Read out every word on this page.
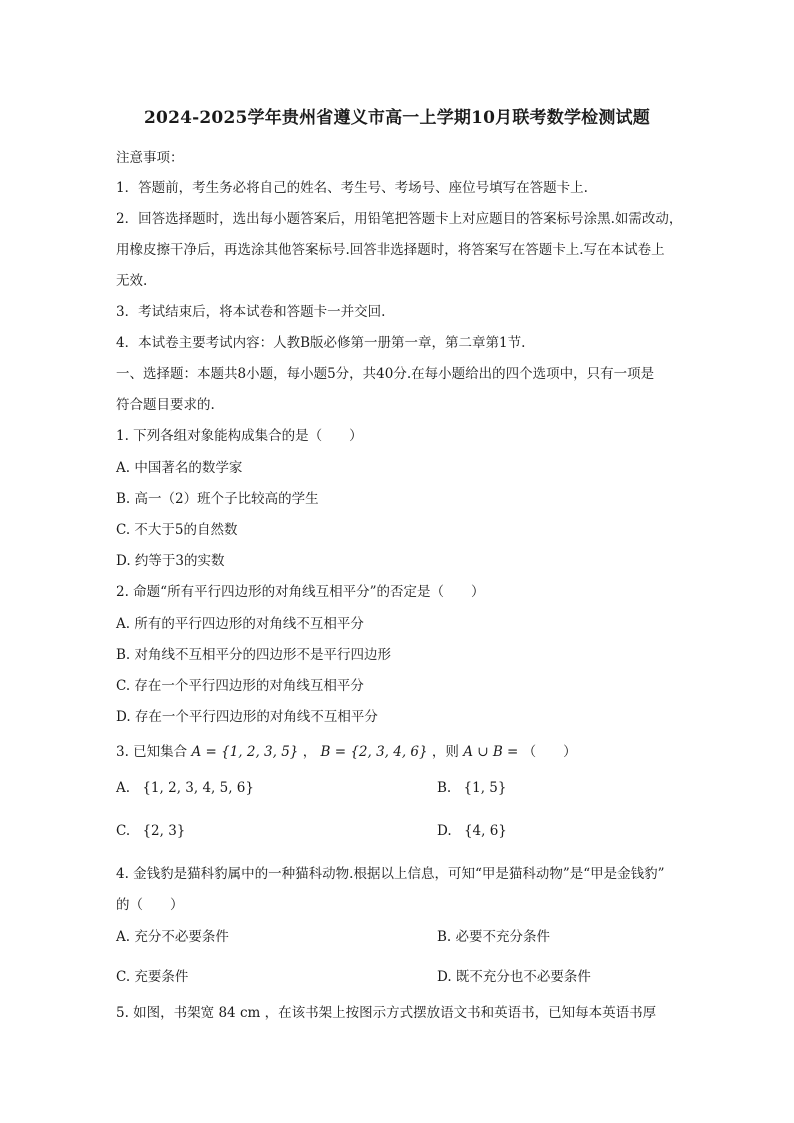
2024-2025学年贵州省遵义市高一上学期10月联考数学检测试题
注意事项：
1．答题前，考生务必将自己的姓名、考生号、考场号、座位号填写在答题卡上.
2．回答选择题时，选出每小题答案后，用铅笔把答题卡上对应题目的答案标号涂黑.如需改动，
用橡皮擦干净后，再选涂其他答案标号.回答非选择题时，将答案写在答题卡上.写在本试卷上
无效.
3．考试结束后，将本试卷和答题卡一并交回.
4．本试卷主要考试内容：人教B版必修第一册第一章，第二章第1节.
一、选择题：本题共8小题，每小题5分，共40分.在每小题给出的四个选项中，只有一项是
符合题目要求的.
1. 下列各组对象能构成集合的是（　　）
A. 中国著名的数学家
B. 高一（2）班个子比较高的学生
C. 不大于5的自然数
D. 约等于3的实数
2. 命题“所有平行四边形的对角线互相平分”的否定是（　　）
A. 所有的平行四边形的对角线不互相平分
B. 对角线不互相平分的四边形不是平行四边形
C. 存在一个平行四边形的对角线互相平分
D. 存在一个平行四边形的对角线不互相平分
3. 已知集合 A = {1, 2, 3, 5} ， B = {2, 3, 4, 6} ，则 A ∪ B = （　　）
A. {1, 2, 3, 4, 5, 6}	B. {1, 5}
C. {2, 3}	D. {4, 6}
4. 金钱豹是猫科豹属中的一种猫科动物.根据以上信息，可知“甲是猫科动物”是“甲是金钱豹”
的（　　）
A. 充分不必要条件	B. 必要不充分条件
C. 充要条件	D. 既不充分也不必要条件
5. 如图，书架宽 84 cm ，在该书架上按图示方式摆放语文书和英语书，已知每本英语书厚
